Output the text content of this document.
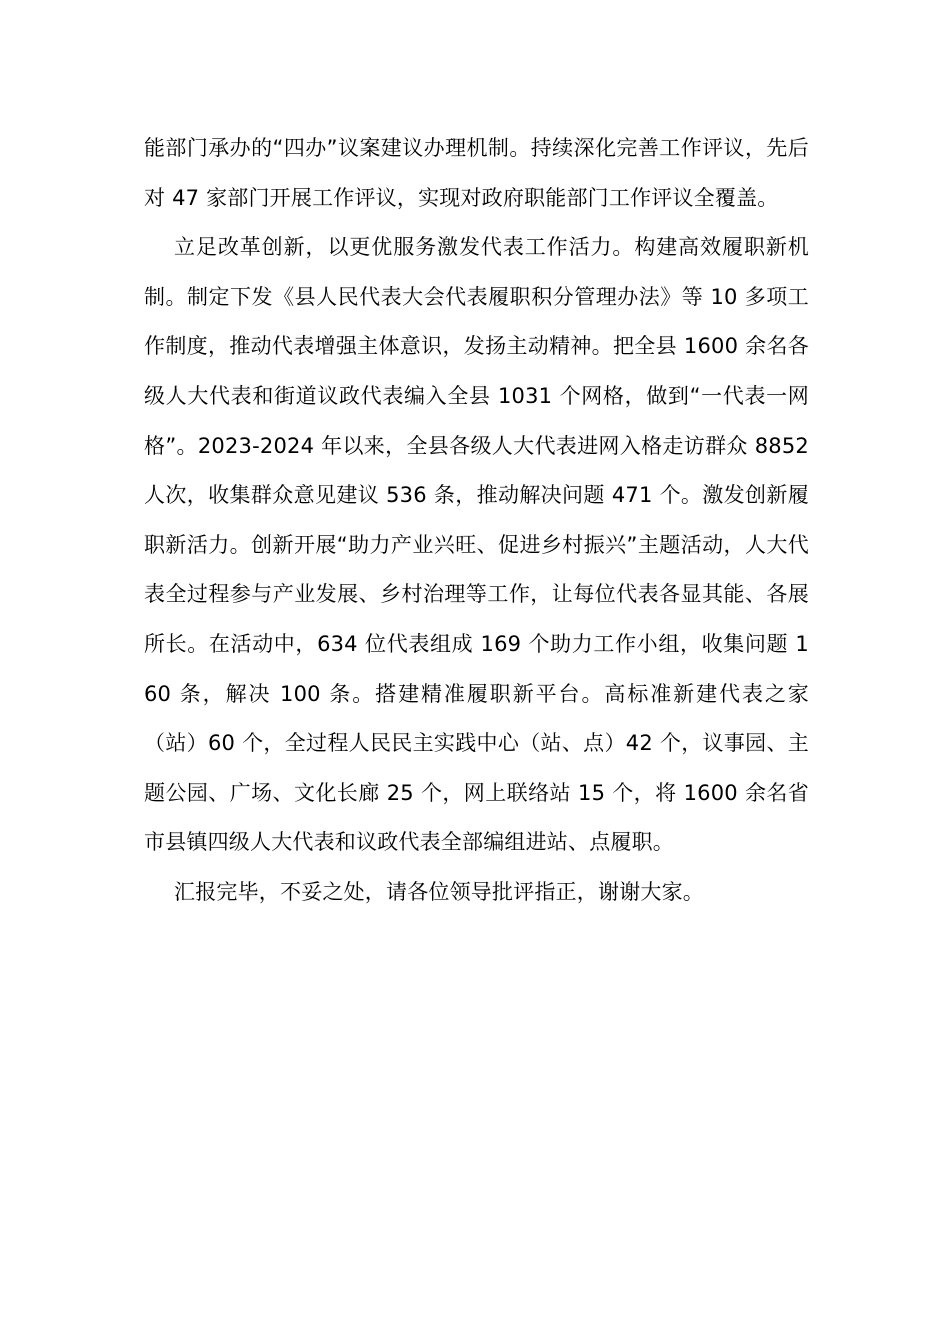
能部门承办的“四办”议案建议办理机制。持续深化完善工作评议，先后对 47 家部门开展工作评议，实现对政府职能部门工作评议全覆盖。

立足改革创新，以更优服务激发代表工作活力。构建高效履职新机制。制定下发《县人民代表大会代表履职积分管理办法》等 10 多项工作制度，推动代表增强主体意识，发扬主动精神。把全县 1600 余名各级人大代表和街道议政代表编入全县 1031 个网格，做到“一代表一网格”。2023-2024 年以来，全县各级人大代表进网入格走访群众 8852 人次，收集群众意见建议 536 条，推动解决问题 471 个。激发创新履职新活力。创新开展“助力产业兴旺、促进乡村振兴”主题活动，人大代表全过程参与产业发展、乡村治理等工作，让每位代表各显其能、各展所长。在活动中，634 位代表组成 169 个助力工作小组，收集问题 160 条，解决 100 条。搭建精准履职新平台。高标准新建代表之家（站）60 个，全过程人民民主实践中心（站、点）42 个，议事园、主题公园、广场、文化长廊 25 个，网上联络站 15 个，将 1600 余名省市县镇四级人大代表和议政代表全部编组进站、点履职。

汇报完毕，不妥之处，请各位领导批评指正，谢谢大家。
